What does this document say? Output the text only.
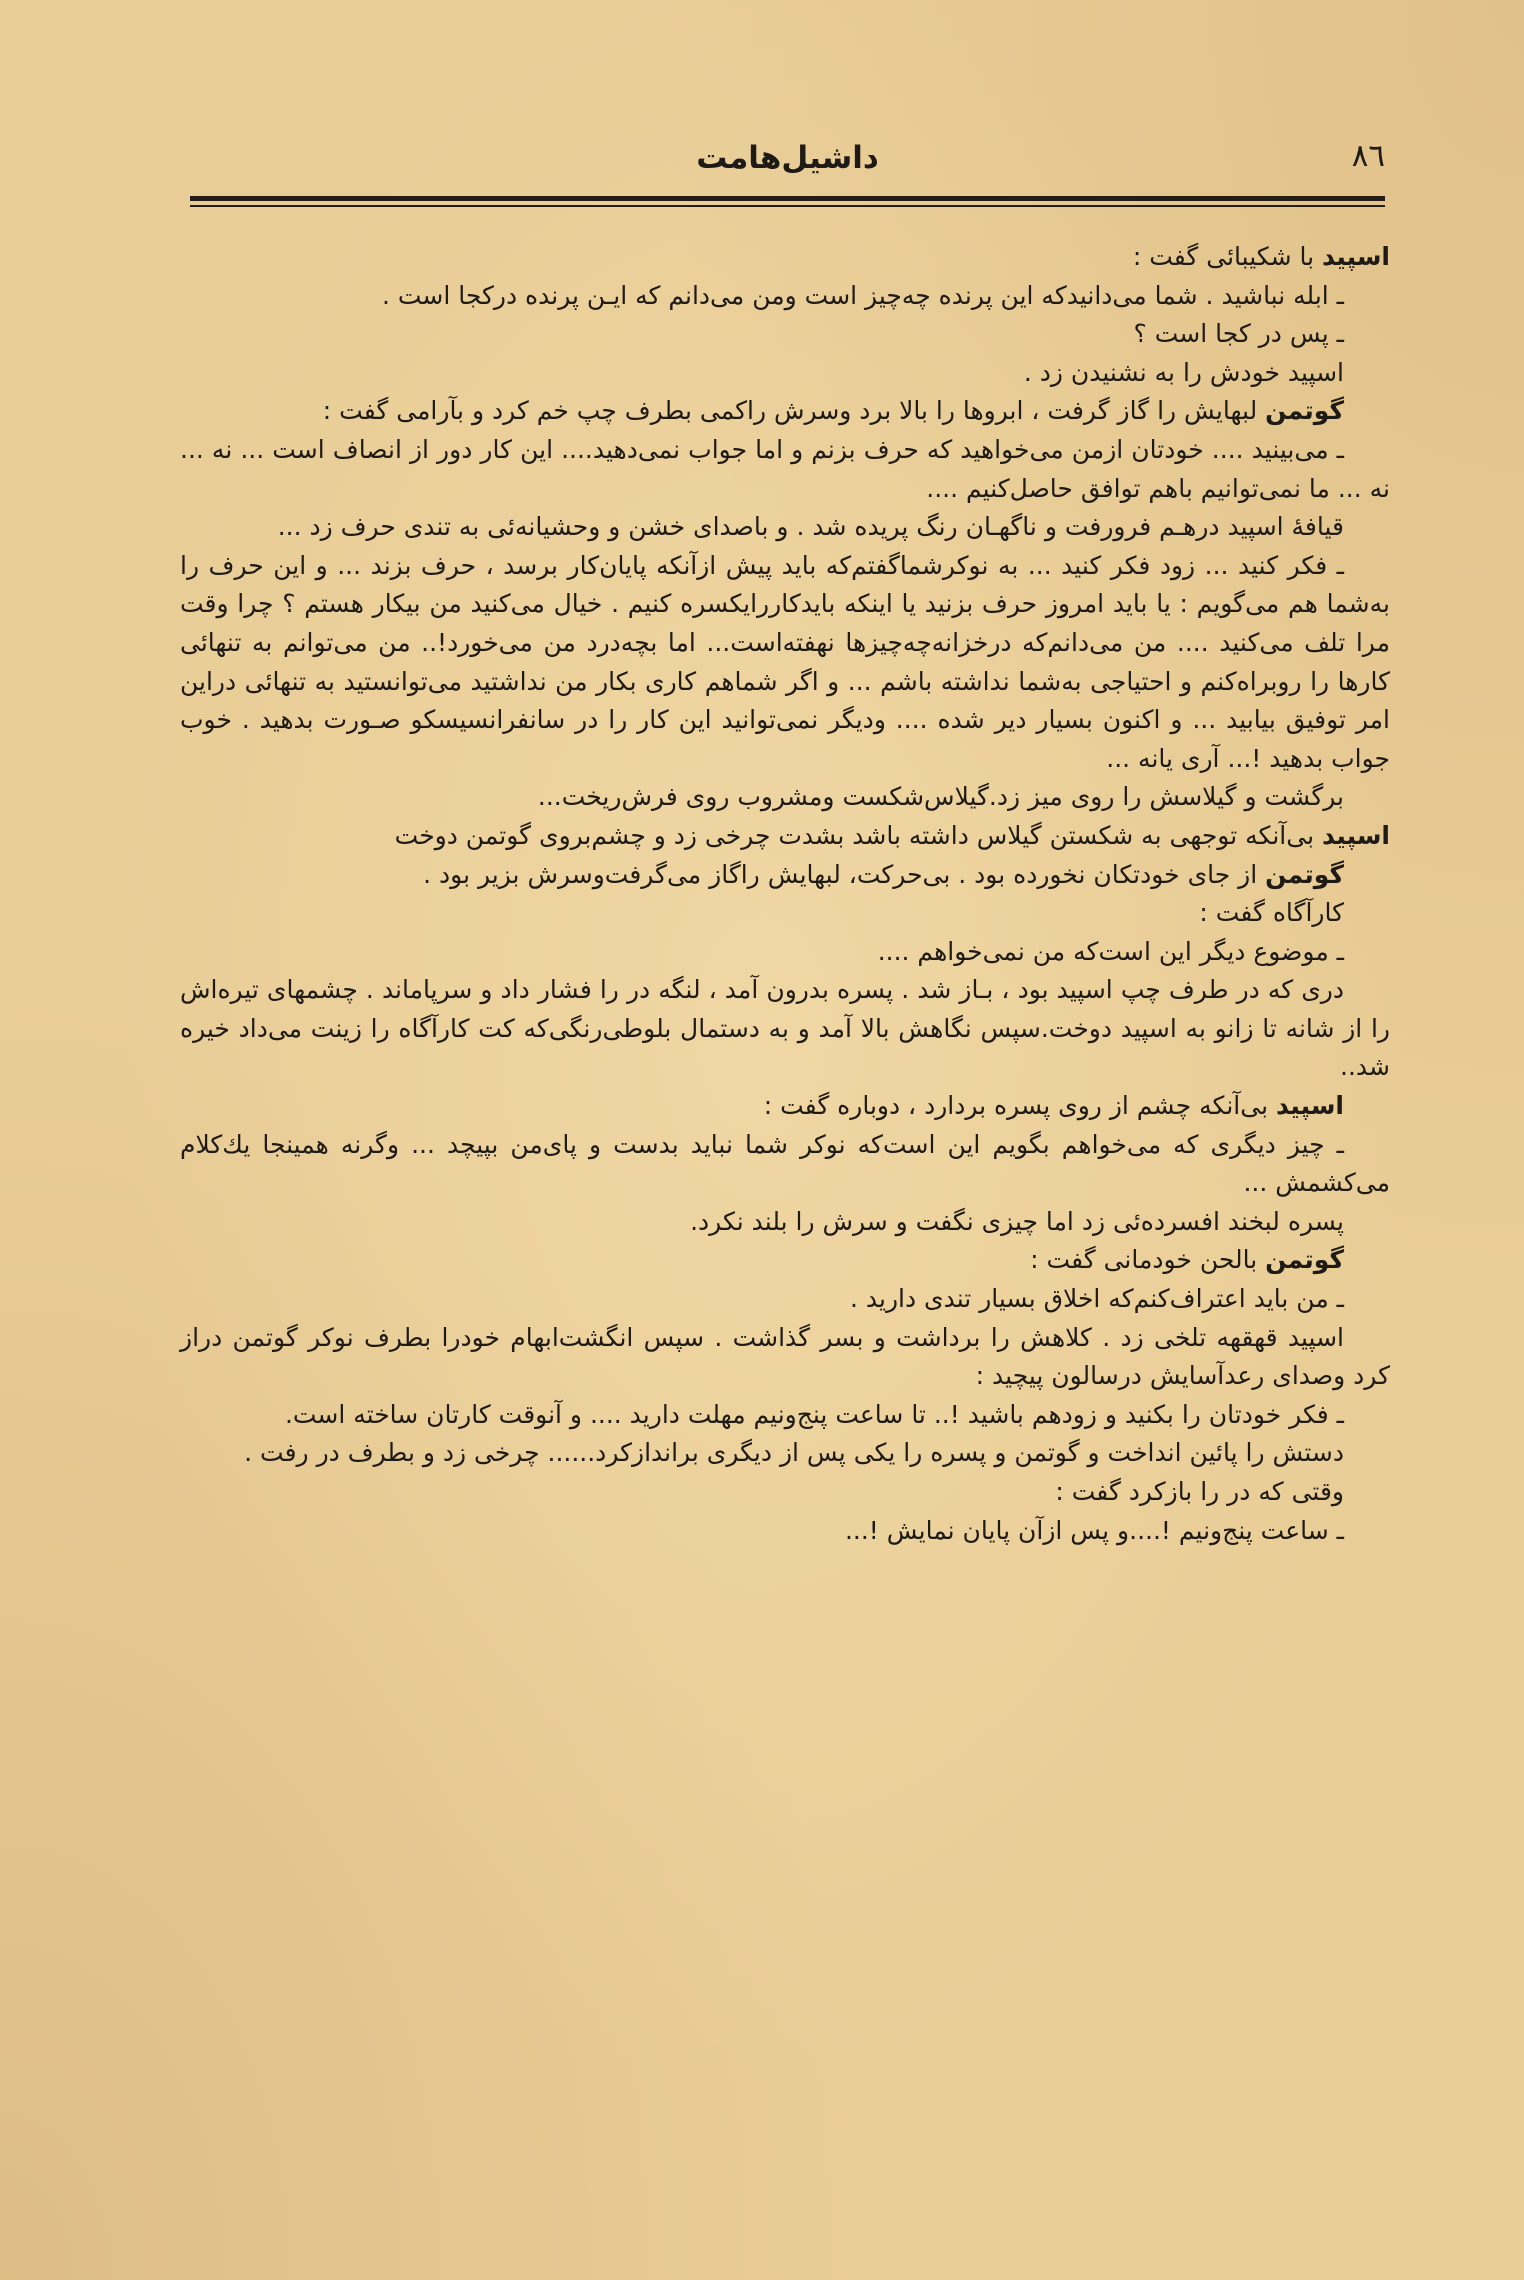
۸٦
داشیل‌هامت

اسپید با شکیبائی گفت :

ـ ابله نباشید . شما می‌دانیدکه این پرنده چه‌چیز است ومن می‌دانم که ایـن پرنده درکجا است .

ـ پس در کجا است ؟

اسپید خودش را به نشنیدن زد .

گوتمن لبهایش را گاز گرفت ، ابروها را بالا برد وسرش راکمی بطرف چپ خم کرد و بآرامی گفت :

ـ می‌بینید .... خودتان ازمن می‌خواهید که حرف بزنم و اما جواب نمی‌دهید.... این کار دور از انصاف است ... نه ... نه ... ما نمی‌توانیم باهم توافق حاصل‌کنیم ....

قیافهٔ اسپید درهـم فرورفت و ناگهـان رنگ پریده شد . و باصدای خشن و وحشیانه‌ئی به تندی حرف زد ...

ـ فکر کنید ... زود فکر کنید ... به نوکرشماگفتم‌که باید پیش ازآنکه پایان‌کار برسد ، حرف بزند ... و این حرف را به‌شما هم می‌گویم : یا باید امروز حرف بزنید یا اینکه بایدکاررایکسره کنیم . خیال می‌کنید من بیکار هستم ؟ چرا وقت مرا تلف می‌کنید .... من می‌دانم‌که درخزانه‌چه‌چیزها نهفته‌است... اما بچه‌درد من می‌خورد!.. من می‌توانم به تنهائی کارها را روبراه‌کنم و احتیاجی به‌شما نداشته باشم ... و اگر شماهم کاری بکار من نداشتید می‌توانستید به تنهائی دراین امر توفیق بیابید ... و اکنون بسیار دیر شده .... ودیگر نمی‌توانید این کار را در سانفرانسیسکو صـورت بدهید . خوب جواب بدهید !... آری یانه ...

برگشت و گیلاسش را روی میز زد.گیلاس‌شکست ومشروب روی فرش‌ریخت...

اسپید بی‌آنکه توجهی به شکستن گیلاس داشته باشد بشدت چرخی زد و چشم‌بروی گوتمن دوخت

گوتمن از جای خودتکان نخورده بود . بی‌حرکت، لبهایش راگاز می‌گرفت‌وسرش بزیر بود .

کارآگاه گفت :

ـ موضوع دیگر این است‌که من نمی‌خواهم ....

دری که در طرف چپ اسپید بود ، بـاز شد . پسره بدرون آمد ، لنگه در را فشار داد و سرپاماند . چشمهای تیره‌اش را از شانه تا زانو به اسپید دوخت.سپس نگاهش بالا آمد و به دستمال بلوطی‌رنگی‌که کت کارآگاه را زینت می‌داد خیره شد..

اسپید بی‌آنکه چشم از روی پسره بردارد ، دوباره گفت :

ـ چیز دیگری که می‌خواهم بگویم این است‌که نوکر شما نباید بدست و پای‌من بپیچد ... وگرنه همینجا یك‌کلام می‌کشمش ...

پسره لبخند افسرده‌ئی زد اما چیزی نگفت و سرش را بلند نکرد.

گوتمن بالحن خودمانی گفت :

ـ من باید اعتراف‌کنم‌که اخلاق بسیار تندی دارید .

اسپید قهقهه تلخی زد . کلاهش را برداشت و بسر گذاشت . سپس انگشت‌ابهام خودرا بطرف نوکر گوتمن دراز کرد وصدای رعدآسایش درسالون پیچید :

ـ فکر خودتان را بکنید و زودهم باشید !.. تا ساعت پنج‌ونیم مهلت دارید .... و آنوقت کارتان ساخته است.

دستش را پائین انداخت و گوتمن و پسره را یکی پس از دیگری برانداز‌کرد...... چرخی زد و بطرف در رفت .

وقتی که در را بازکرد گفت :

ـ ساعت پنج‌ونیم !....و پس ازآن پایان نمایش !...
